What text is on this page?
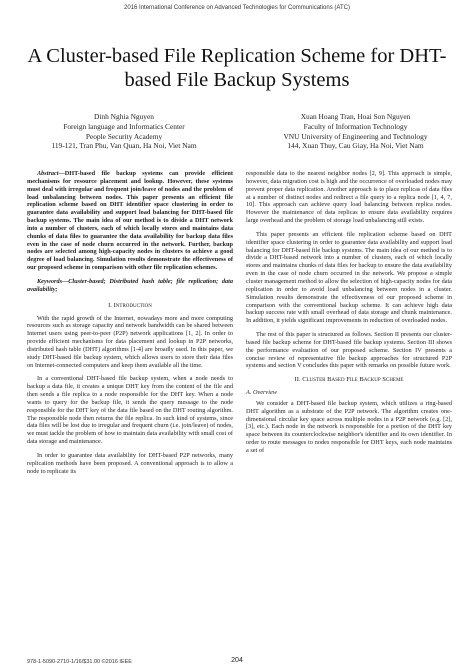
2016 International Conference on Advanced Technologies for Communications (ATC)
A Cluster-based File Replication Scheme for DHT-based File Backup Systems
Dinh Nghia Nguyen
Foreign language and Informatics Center
People Security Academy
119-121, Tran Phu, Van Quan, Ha Noi, Viet Nam
Xuan Hoang Tran, Hoai Son Nguyen
Faculty of Information Technology
VNU University of Engineering and Technology
144, Xuan Thuy, Cau Giay, Ha Noi, Viet Nam
Abstract—DHT-based file backup systems can provide efficient mechanisms for resource placement and lookup. However, these systems must deal with irregular and frequent join/leave of nodes and the problem of load unbalancing between nodes. This paper presents an efficient file replication scheme based on DHT identifier space clustering in order to guarantee data availability and support load balancing for DHT-based file backup systems. The main idea of our method is to divide a DHT network into a number of clusters, each of which locally stores and maintains data chunks of data files to guarantee the data availability for backup data files even in the case of node churn occurred in the network. Further, backup nodes are selected among high-capacity nodes in clusters to achieve a good degree of load balancing. Simulation results demonstrate the effectiveness of our proposed scheme in comparison with other file replication schemes.
Keywords—Cluster-based; Distributed hash table; file replication; data availability;
I. Introduction

With the rapid growth of the Internet, nowadays more and more computing resources such as storage capacity and network bandwidth can be shared between Internet users using peer-to-peer (P2P) network applications [1, 2]. In order to provide efficient mechanisms for data placement and lookup in P2P networks, distributed hash table (DHT) algorithms [1-4] are broadly used. In this paper, we study DHT-based file backup system, which allows users to store their data files on Internet-connected computers and keep them available all the time.

In a conventional DHT-based file backup system, when a node needs to backup a data file, it creates a unique DHT key from the content of the file and then sends a file replica to a node responsible for the DHT key. When a node wants to query for the backup file, it sends the query message to the node responsible for the DHT key of the data file based on the DHT routing algorithm. The responsible node then returns the file replica. In such kind of systems, since data files will be lost due to irregular and frequent churn (i.e. join/leave) of nodes, we must tackle the problem of how to maintain data availability with small cost of data storage and maintenance.

In order to guarantee data availability for DHT-based P2P networks, many replication methods have been proposed. A conventional approach is to allow a node to replicate its

responsible data to the nearest neighbor nodes [2, 9]. This approach is simple, however, data migration cost is high and the occurrence of overloaded nodes may prevent proper data replication. Another approach is to place replicas of data files at a number of distinct nodes and redirect a file query to a replica node [1, 4, 7, 10]. This approach can achieve query load balancing between replica nodes. However the maintenance of data replicas to ensure data availability requires large overhead and the problem of storage load unbalancing still exists.

This paper presents an efficient file replication scheme based on DHT identifier space clustering in order to guarantee data availability and support load balancing for DHT-based file backup systems. The main idea of our method is to divide a DHT-based network into a number of clusters, each of which locally stores and maintains chunks of data files for backup to ensure the data availability even in the case of node churn occurred in the network. We propose a simple cluster management method to allow the selection of high-capacity nodes for data replication in order to avoid load unbalancing between nodes in a cluster. Simulation results demonstrate the effectiveness of our proposed scheme in comparison with the conventional backup scheme. It can achieve high data backup success rate with small overhead of data storage and chunk maintenance. In addition, it yields significant improvements in reduction of overloaded nodes.

The rest of this paper is structured as follows. Section II presents our cluster-based file backup scheme for DHT-based file backup systems. Section III shows the performance evaluation of our proposed scheme. Section IV presents a concise review of representative file backup approaches for structured P2P systems and section V concludes this paper with remarks on possible future work.

II. Cluster Based File Backup Scheme
A. Overview

We consider a DHT-based file backup system, which utilizes a ring-based DHT algorithm as a substrate of the P2P network. The algorithm creates one-dimensional circular key space across multiple nodes in a P2P network (e.g. [2], [3], etc.). Each node in the network is responsible for a portion of the DHT key space between its counterclockwise neighbor's identifier and its own identifier. In order to route messages to nodes responsible for DHT keys, each node maintains a set of

978-1-5090-2710-1/16/$31.00 ©2016 IEEE	204
